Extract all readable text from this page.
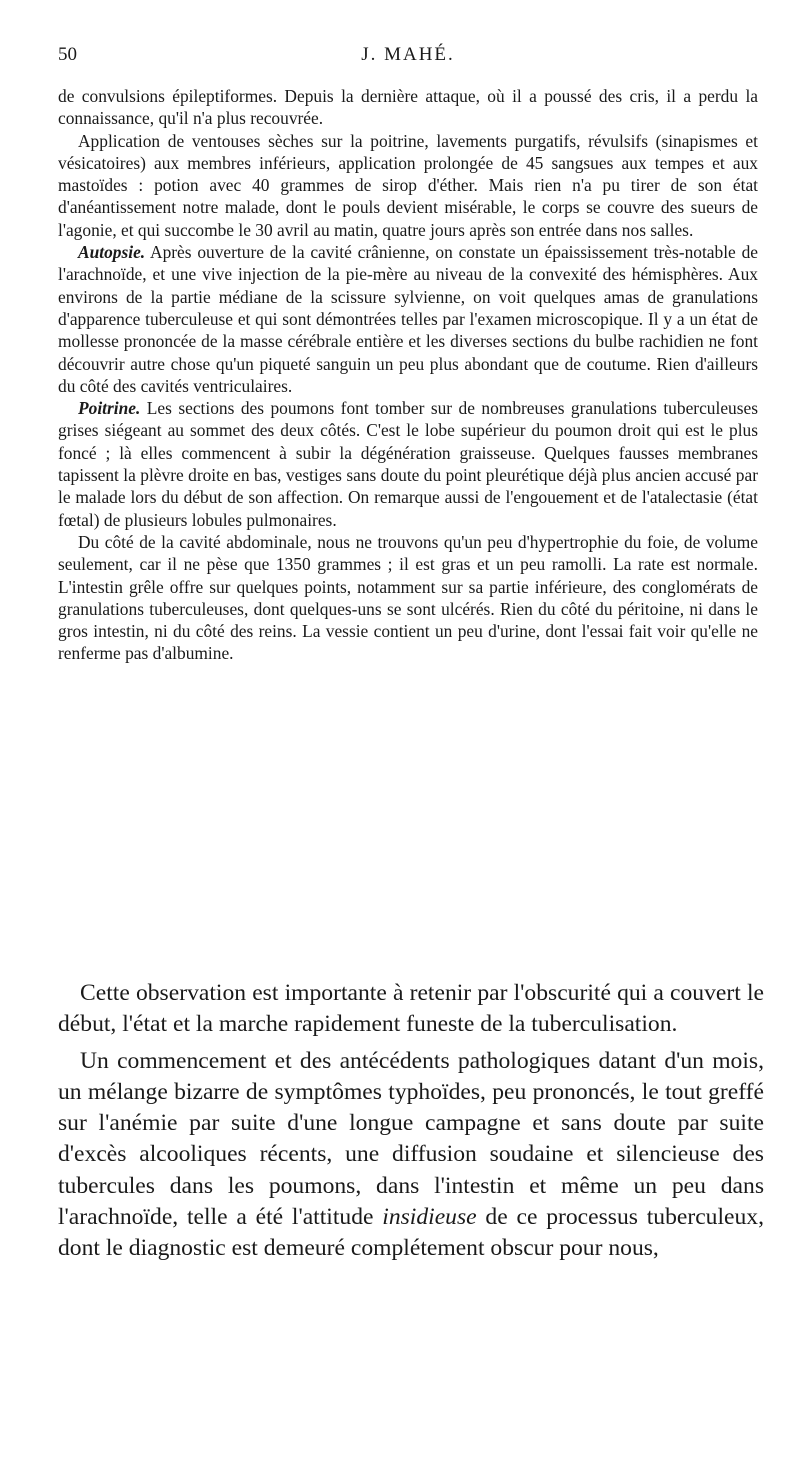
50	J. MAHÉ.

de convulsions épileptiformes. Depuis la dernière attaque, où il a poussé des cris, il a perdu la connaissance, qu'il n'a plus recouvrée.

Application de ventouses sèches sur la poitrine, lavements purgatifs, révulsifs (sinapismes et vésicatoires) aux membres inférieurs, application prolongée de 45 sangsues aux tempes et aux mastoïdes : potion avec 40 grammes de sirop d'éther. Mais rien n'a pu tirer de son état d'anéantissement notre malade, dont le pouls devient misérable, le corps se couvre des sueurs de l'agonie, et qui succombe le 30 avril au matin, quatre jours après son entrée dans nos salles.

Autopsie. Après ouverture de la cavité crânienne, on constate un épaississement très-notable de l'arachnoïde, et une vive injection de la pie-mère au niveau de la convexité des hémisphères. Aux environs de la partie médiane de la scissure sylvienne, on voit quelques amas de granulations d'apparence tuberculeuse et qui sont démontrées telles par l'examen microscopique. Il y a un état de mollesse prononcée de la masse cérébrale entière et les diverses sections du bulbe rachidien ne font découvrir autre chose qu'un piqueté sanguin un peu plus abondant que de coutume. Rien d'ailleurs du côté des cavités ventriculaires.

Poitrine. Les sections des poumons font tomber sur de nombreuses granulations tuberculeuses grises siégeant au sommet des deux côtés. C'est le lobe supérieur du poumon droit qui est le plus foncé ; là elles commencent à subir la dégénération graisseuse. Quelques fausses membranes tapissent la plèvre droite en bas, vestiges sans doute du point pleurétique déjà plus ancien accusé par le malade lors du début de son affection. On remarque aussi de l'engouement et de l'atalectasie (état fœtal) de plusieurs lobules pulmonaires.

Du côté de la cavité abdominale, nous ne trouvons qu'un peu d'hypertrophie du foie, de volume seulement, car il ne pèse que 1350 grammes ; il est gras et un peu ramolli. La rate est normale. L'intestin grêle offre sur quelques points, notamment sur sa partie inférieure, des conglomérats de granulations tuberculeuses, dont quelques-uns se sont ulcérés. Rien du côté du péritoine, ni dans le gros intestin, ni du côté des reins. La vessie contient un peu d'urine, dont l'essai fait voir qu'elle ne renferme pas d'albumine.

Cette observation est importante à retenir par l'obscurité qui a couvert le début, l'état et la marche rapidement funeste de la tuberculisation.

Un commencement et des antécédents pathologiques datant d'un mois, un mélange bizarre de symptômes typhoïdes, peu prononcés, le tout greffé sur l'anémie par suite d'une longue campagne et sans doute par suite d'excès alcooliques récents, une diffusion soudaine et silencieuse des tubercules dans les poumons, dans l'intestin et même un peu dans l'arachnoïde, telle a été l'attitude insidieuse de ce processus tuberculeux, dont le diagnostic est demeuré complétement obscur pour nous,
